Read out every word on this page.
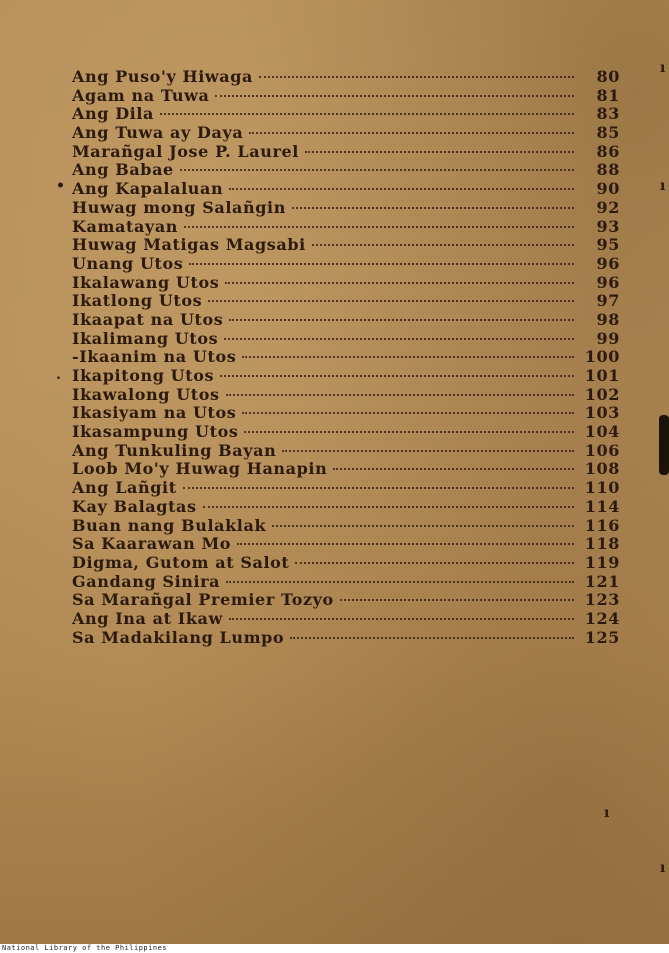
Ang Puso'y Hiwaga	80
Agam na Tuwa	81
Ang Dila	83
Ang Tuwa ay Daya	85
Marañgal Jose P. Laurel	86
Ang Babae	88
Ang Kapalaluan	90
Huwag mong Salañgin	92
Kamatayan	93
Huwag Matigas Magsabi	95
Unang Utos	96
Ikalawang Utos	96
Ikatlong Utos	97
Ikaapat na Utos	98
Ikalimang Utos	99
-Ikaanim na Utos	100
Ikapitong Utos	101
Ikawalong Utos	102
Ikasiyam na Utos	103
Ikasampung Utos	104
Ang Tunkuling Bayan	106
Loob Mo'y Huwag Hanapin	108
Ang Lañgit	110
Kay Balagtas	114
Buan nang Bulaklak	116
Sa Kaarawan Mo	118
Digma, Gutom at Salot	119
Gandang Sinira	121
Sa Marañgal Premier Tozyo	123
Ang Ina at Ikaw	124
Sa Madakilang Lumpo	125
•
.
ı
ı
ı
ı
National Library of the Philippines
